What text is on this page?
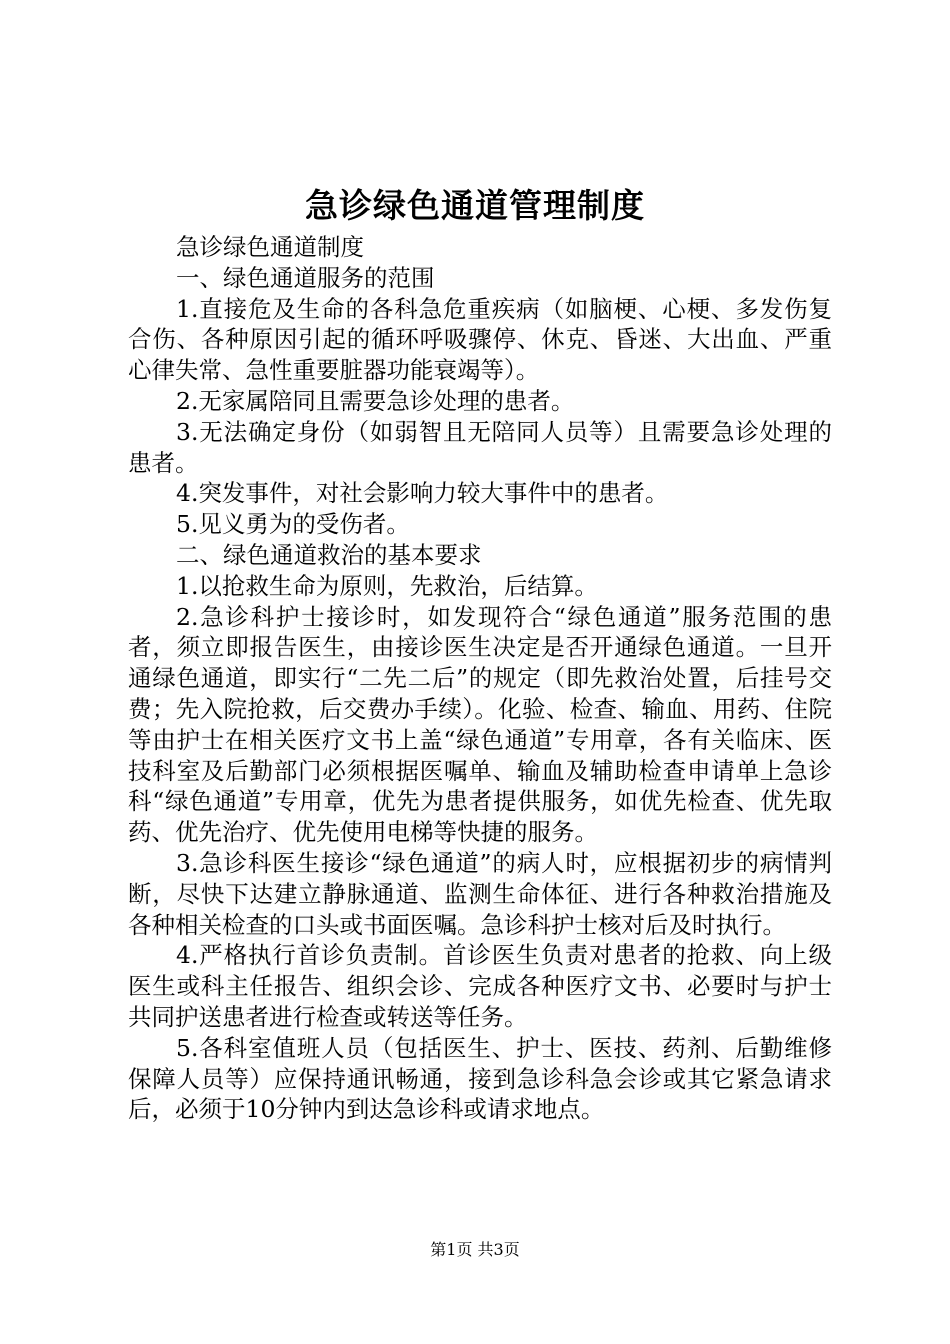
急诊绿色通道管理制度

急诊绿色通道制度

一、绿色通道服务的范围

1.直接危及生命的各科急危重疾病（如脑梗、心梗、多发伤复合伤、各种原因引起的循环呼吸骤停、休克、昏迷、大出血、严重心律失常、急性重要脏器功能衰竭等）。

2.无家属陪同且需要急诊处理的患者。

3.无法确定身份（如弱智且无陪同人员等）且需要急诊处理的患者。

4.突发事件，对社会影响力较大事件中的患者。

5.见义勇为的受伤者。

二、绿色通道救治的基本要求

1.以抢救生命为原则，先救治，后结算。

2.急诊科护士接诊时，如发现符合“绿色通道”服务范围的患者，须立即报告医生，由接诊医生决定是否开通绿色通道。一旦开通绿色通道，即实行“二先二后”的规定（即先救治处置，后挂号交费；先入院抢救，后交费办手续）。化验、检查、输血、用药、住院等由护士在相关医疗文书上盖“绿色通道”专用章，各有关临床、医技科室及后勤部门必须根据医嘱单、输血及辅助检查申请单上急诊科“绿色通道”专用章，优先为患者提供服务，如优先检查、优先取药、优先治疗、优先使用电梯等快捷的服务。

3.急诊科医生接诊“绿色通道”的病人时，应根据初步的病情判断，尽快下达建立静脉通道、监测生命体征、进行各种救治措施及各种相关检查的口头或书面医嘱。急诊科护士核对后及时执行。

4.严格执行首诊负责制。首诊医生负责对患者的抢救、向上级医生或科主任报告、组织会诊、完成各种医疗文书、必要时与护士共同护送患者进行检查或转送等任务。

5.各科室值班人员（包括医生、护士、医技、药剂、后勤维修保障人员等）应保持通讯畅通，接到急诊科急会诊或其它紧急请求后，必须于10分钟内到达急诊科或请求地点。

第1页 共3页
